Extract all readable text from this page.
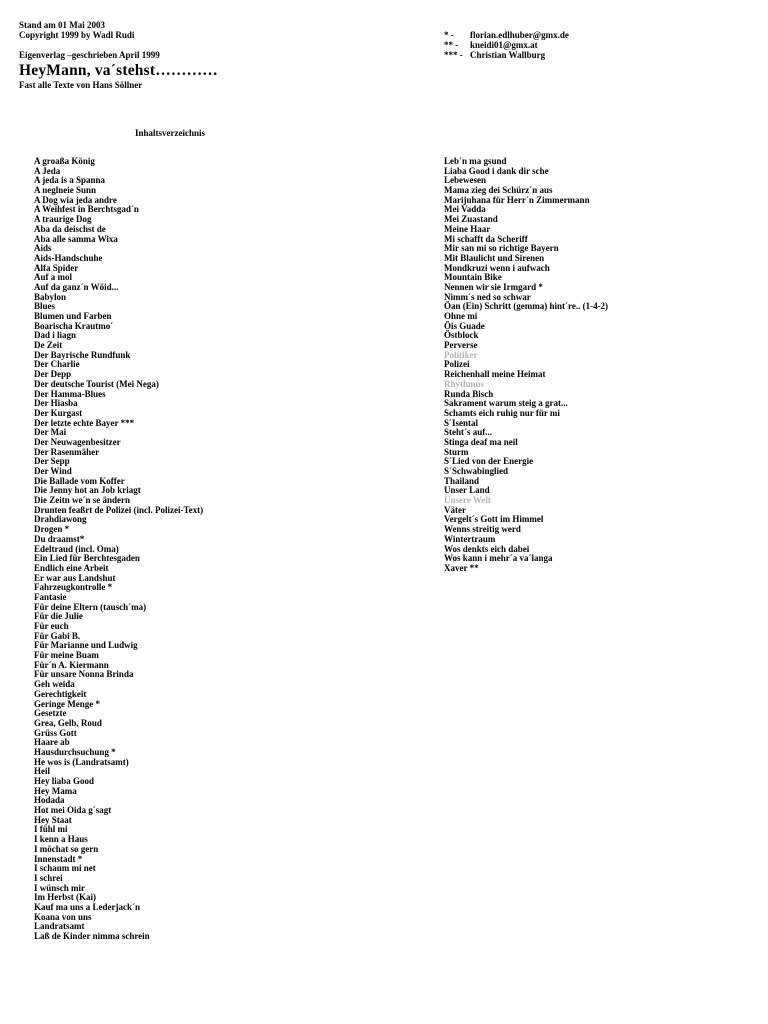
Stand am 01 Mai 2003
Copyright 1999 by Wadl Rudi
Eigenverlag –geschrieben April 1999
HeyMann, va´stehst…………
Fast alle Texte von Hans Söllner
* -	florian.edlhuber@gmx.de
** -	kneidi01@gmx.at
*** - Christian Wallburg
Inhaltsverzeichnis
A groaßa König
A Jeda
A jeda is a Spanna
A neglneie Sunn
A Dog wia jeda andre
A Weihfest in Berchtsgad´n
A traurige Dog
Aba da deischst de
Aba alle samma Wixa
Aids
Aids-Handschuhe
Alfa Spider
Auf a mol
Auf da ganz´n Wöid...
Babylon
Blues
Blumen und Farben
Boarischa Krautmo´
Dad i liagn
De Zeit
Der Bayrische Rundfunk
Der Charlie
Der Depp
Der deutsche Tourist (Mei Nega)
Der Hamma-Blues
Der Hiasba
Der Kurgast
Der letzte echte Bayer ***
Der Mai
Der Neuwagenbesitzer
Der Rasenmäher
Der Sepp
Der Wind
Die Ballade vom Koffer
Die Jenny hot an Job kriagt
Die Zeitn we´n se ändern
Drunten feaßrt de Polizei (incl. Polizei-Text)
Drahdiawong
Drogen *
Du draamst*
Edeltraud (incl. Oma)
Ein Lied für Berchtesgaden
Endlich eine Arbeit
Er war aus Landshut
Fahrzeugkontrolle *
Fantasie
Für deine Eltern (tausch´ma)
Für die Julie
Für euch
Für Gabi B.
Für Marianne und Ludwig
Für meine Buam
Für´n A. Kiermann
Für unsare Nonna Brinda
Geh weida
Gerechtigkeit
Geringe Menge *
Gesetzte
Grea, Gelb, Roud
Grüss Gott
Haare ab
Hausdurchsuchung *
He wos is (Landratsamt)
Heil
Hey liaba Good
Hey Mama
Hodada
Hot mei Oida g´sagt
Hey Staat
I fühl mi
I kenn a Haus
I möchat so gern
Innenstadt *
I schaum mi net
I schrei
I wünsch mir
Im Herbst (Kai)
Kauf ma uns a Lederjack´n
Koana von uns
Landratsamt
Laß de Kinder nimma schrein
Leb´n ma gsund
Liaba Good i dank dir sche
Lebewesen
Mama zieg dei Schürz´n aus
Marijuhana für Herr´n Zimmermann
Mei Vadda
Mei Zuastand
Meine Haar
Mi schafft da Scheriff
Mir san mi so richtige Bayern
Mit Blaulicht und Sirenen
Mondkruzi wenn i aufwach
Mountain Bike
Nennen wir sie Irmgard *
Nimm´s ned so schwar
Öan (Ein) Schritt (gemma) hint´re.. (1-4-2)
Ohne mi
Öis Guade
Östblock
Perverse
Politiker
Polizei
Reichenhall meine Heimat
Rhythmus
Runda Bisch
Sakrament warum steig a grat...
Schamts eich ruhig nur für mi
S´Isental
Steht´s auf...
Stinga deaf ma neil
Sturm
S´Lied von der Energie
S´Schwabinglied
Thailand
Unser Land
Unsere Welt
Väter
Vergelt´s Gott im Himmel
Wenns streitig werd
Wintertraum
Wos denkts eich dabei
Wos kann i mehr´a va´langa
Xaver **
